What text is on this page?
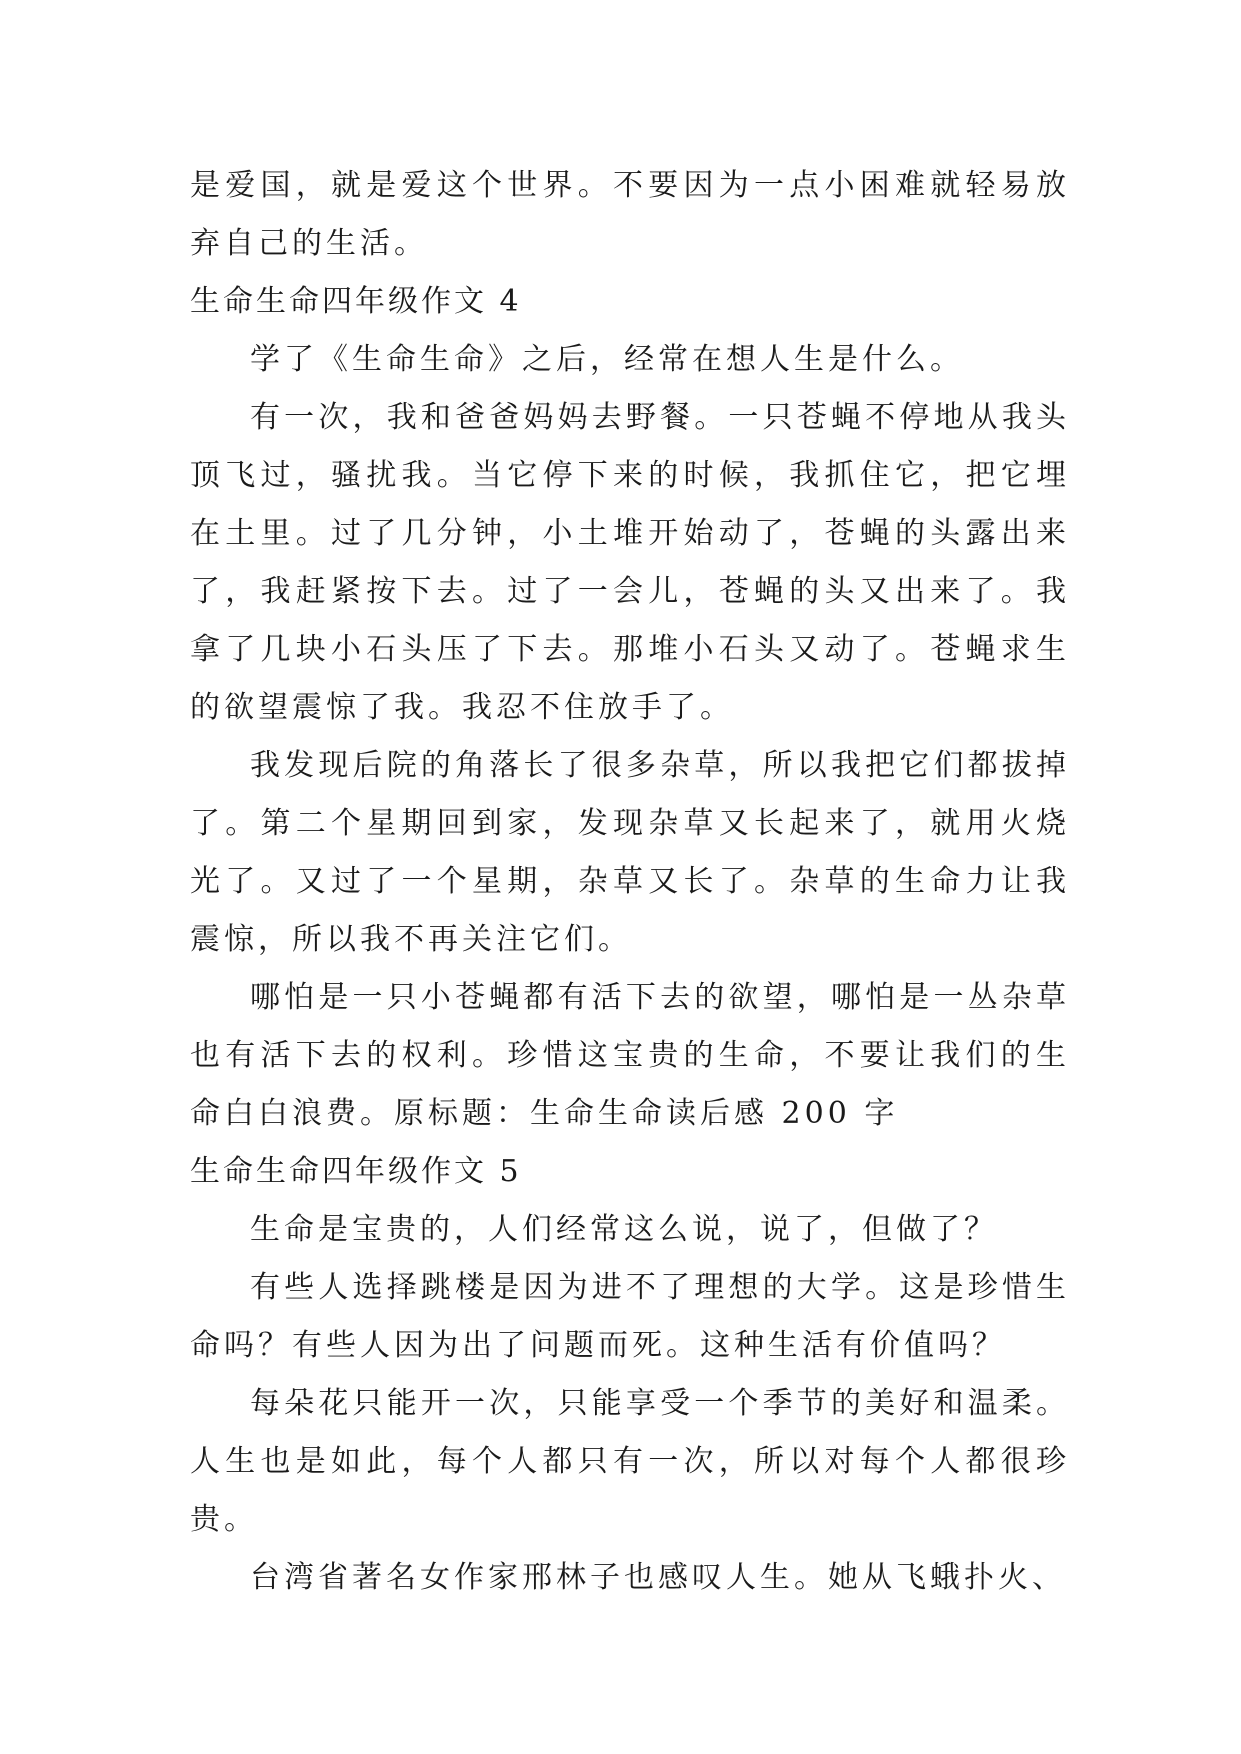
是爱国，就是爱这个世界。不要因为一点小困难就轻易放弃自己的生活。

生命生命四年级作文 4

学了《生命生命》之后，经常在想人生是什么。

有一次，我和爸爸妈妈去野餐。一只苍蝇不停地从我头顶飞过，骚扰我。当它停下来的时候，我抓住它，把它埋在土里。过了几分钟，小土堆开始动了，苍蝇的头露出来了，我赶紧按下去。过了一会儿，苍蝇的头又出来了。我拿了几块小石头压了下去。那堆小石头又动了。苍蝇求生的欲望震惊了我。我忍不住放手了。

我发现后院的角落长了很多杂草，所以我把它们都拔掉了。第二个星期回到家，发现杂草又长起来了，就用火烧光了。又过了一个星期，杂草又长了。杂草的生命力让我震惊，所以我不再关注它们。

哪怕是一只小苍蝇都有活下去的欲望，哪怕是一丛杂草也有活下去的权利。珍惜这宝贵的生命，不要让我们的生命白白浪费。原标题：生命生命读后感 200 字

生命生命四年级作文 5

生命是宝贵的，人们经常这么说，说了，但做了？

有些人选择跳楼是因为进不了理想的大学。这是珍惜生命吗？有些人因为出了问题而死。这种生活有价值吗？

每朵花只能开一次，只能享受一个季节的美好和温柔。人生也是如此，每个人都只有一次，所以对每个人都很珍贵。

台湾省著名女作家邢林子也感叹人生。她从飞蛾扑火、
